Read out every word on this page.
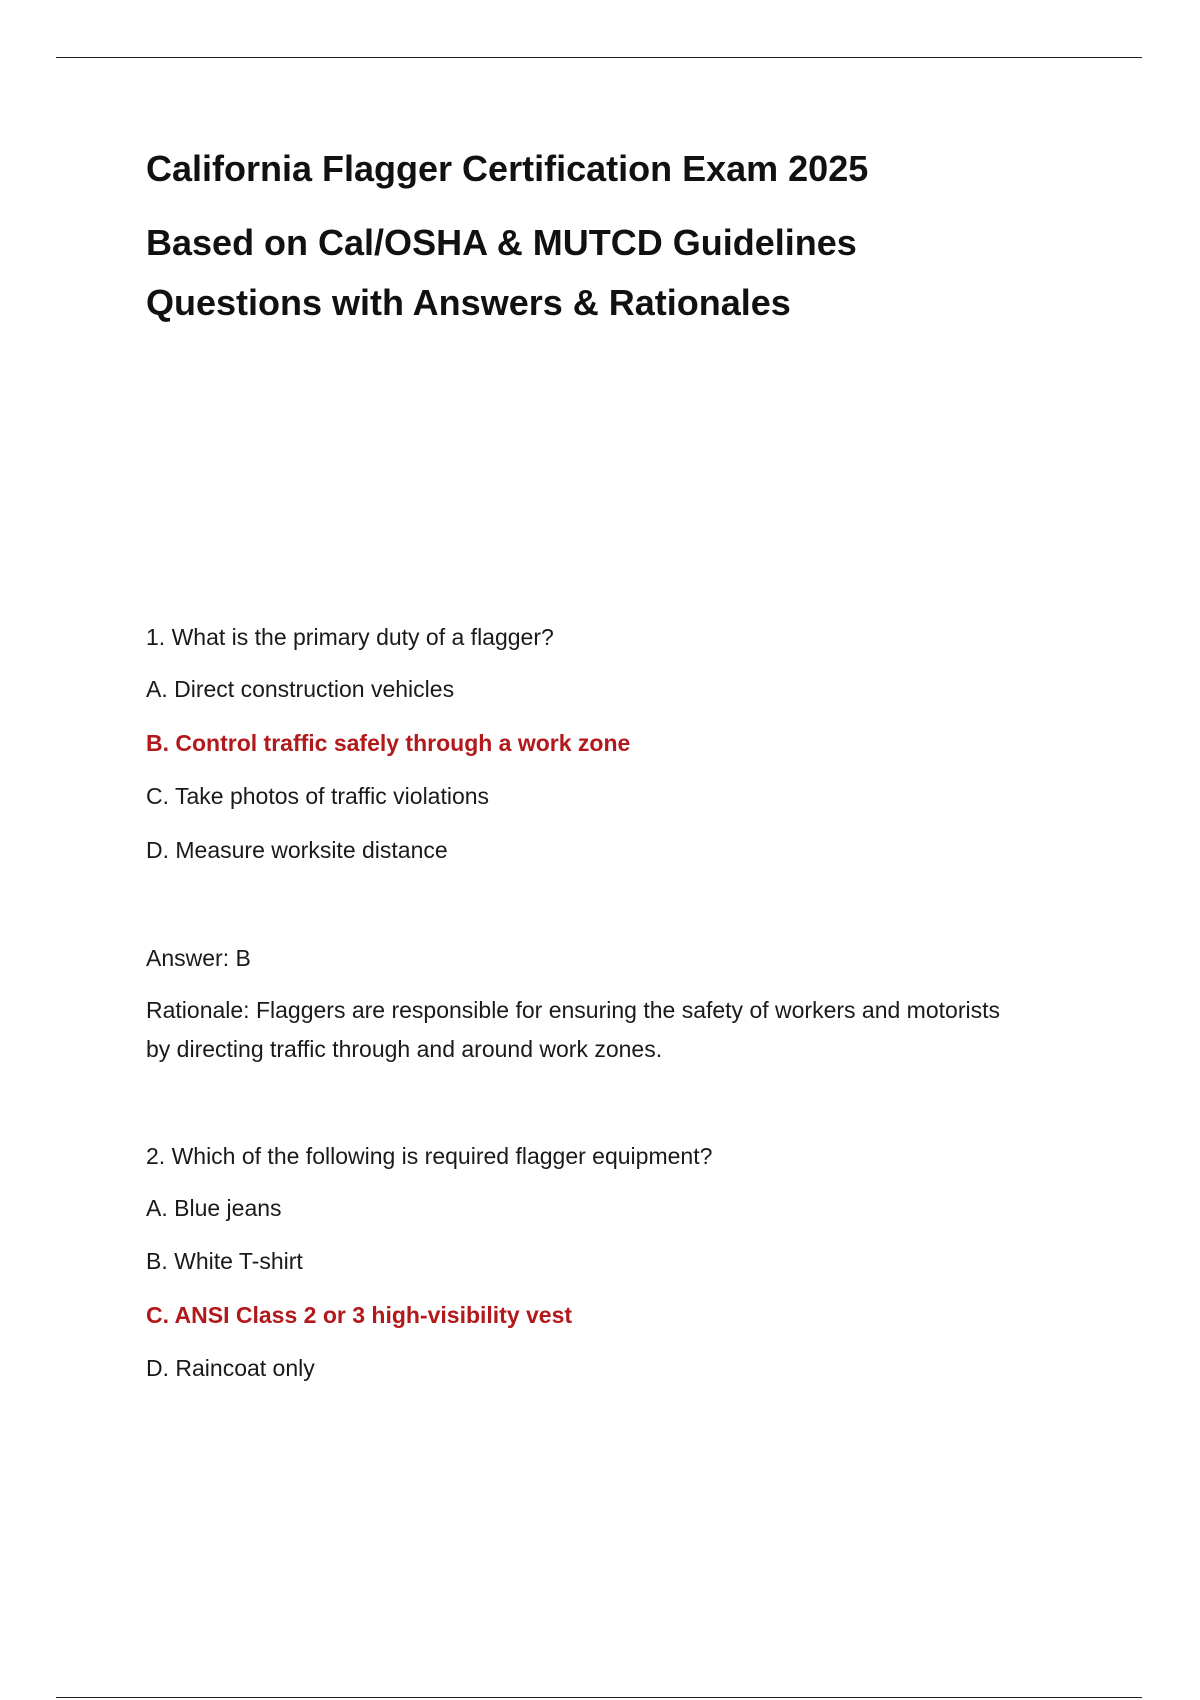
California Flagger Certification Exam 2025
Based on Cal/OSHA & MUTCD Guidelines
Questions with Answers & Rationales
1. What is the primary duty of a flagger?
A. Direct construction vehicles
B. Control traffic safely through a work zone
C. Take photos of traffic violations
D. Measure worksite distance
Answer: B
Rationale: Flaggers are responsible for ensuring the safety of workers and motorists by directing traffic through and around work zones.
2. Which of the following is required flagger equipment?
A. Blue jeans
B. White T-shirt
C. ANSI Class 2 or 3 high-visibility vest
D. Raincoat only
